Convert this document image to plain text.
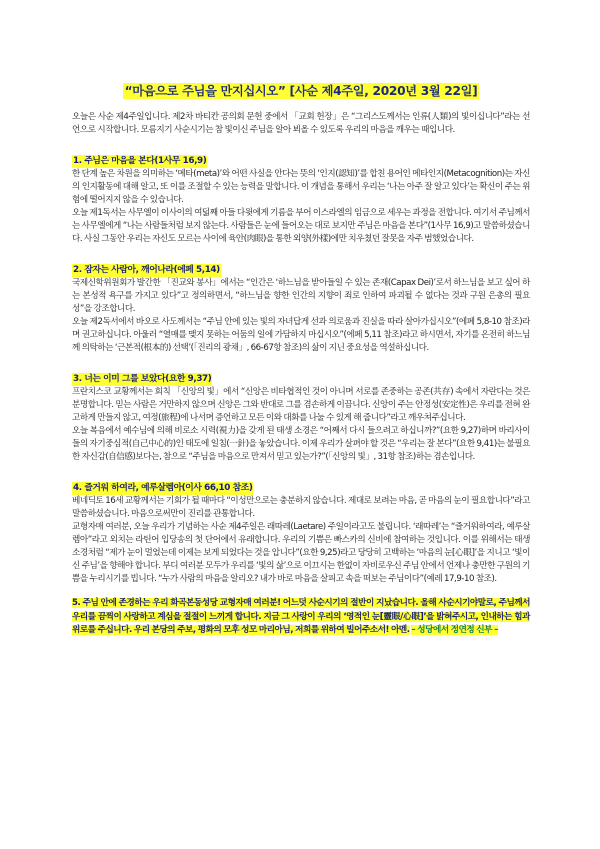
“마음으로 주님을 만지십시오” [사순 제4주일, 2020년 3월 22일]

오늘은 사순 제4주일입니다. 제2차 바티칸 공의회 문헌 중에서 「교회 헌장」은 “그리스도께서는 인류(人類)의 빛이십니다”라는 선언으로 시작합니다. 모름지기 사순시기는 참 빛이신 주님을 알아 뵈올 수 있도록 우리의 마음을 깨우는 때입니다.

1. 주님은 마음을 본다(1사무 16,9)

한 단계 높은 차원을 의미하는 ‘메타(meta)’와 어떤 사실을 안다는 뜻의 ‘인지(認知)’를 합친 용어인 메타인지(Metacognition)는 자신의 인지활동에 대해 알고, 또 이를 조절할 수 있는 능력을 말합니다. 이 개념을 통해서 우리는 ‘나는 아주 잘 알고 있다’는 확신이 주는 위험에 떨어지지 않을 수 있습니다.

오늘 제1독서는 사무엘이 이사이의 여덟째 아들 다윗에게 기름을 부어 이스라엘의 임금으로 세우는 과정을 전합니다. 여기서 주님께서는 사무엘에게 “나는 사람들처럼 보지 않는다. 사람들은 눈에 들어오는 대로 보지만 주님은 마음을 본다”(1사무 16,9)고 말씀하셨습니다. 사실 그동안 우리는 자신도 모르는 사이에 육안(肉眼)을 통한 외양(外樣)에만 치우쳤던 잘못을 자주 범했었습니다.

2. 잠자는 사람아, 깨어나라(에페 5,14)

국제신학위원회가 발간한 「진교와 봉사」에서는 “인간은 ‘하느님을 받아들일 수 있는 존재(Capax Dei)’로서 하느님을 보고 싶어 하는 본성적 욕구를 가지고 있다”고 정의하면서, “하느님을 향한 인간의 지향이 죄로 인하여 파괴될 수 없다는 것과 구원 은총의 필요성”을 강조합니다.

오늘 제2독서에서 바오로 사도께서는 “주님 안에 있는 빛의 자녀답게 선과 의로움과 진실을 따라 살아가십시오”(에페 5,8-10 참조)라며 권고하십니다. 아울러 “열매를 맺지 못하는 어둠의 일에 가담하지 마십시오”(에페 5,11 참조)라고 하시면서, 자기를 온전히 하느님께 의탁하는 ‘근본적(根本的) 선택’(「진리의 광채」, 66-67항 참조)의 삶이 지닌 중요성을 역설하십니다.

3. 너는 이미 그를 보았다(요한 9,37)

프란치스코 교황께서는 회칙 「신앙의 빛」에서 “신앙은 비타협적인 것이 아니며 서로를 존중하는 공존(共存) 속에서 자란다는 것은 분명합니다. 믿는 사람은 거만하지 않으며 신앙은 그와 반대로 그를 겸손하게 이끕니다. 신앙이 주는 안정성(安定性)은 우리를 전혀 완고하게 만들지 않고, 여정(旅程)에 나서며 증언하고 모든 이와 대화를 나눌 수 있게 해 줍니다”라고 깨우쳐주십니다.

오늘 복음에서 예수님에 의해 비로소 시력(視力)을 갖게 된 태생 소경은 “어째서 다시 들으려고 하십니까?”(요한 9,27)하며 바리사이들의 자기중심적(自己中心的)인 태도에 일침(一針)을 놓았습니다. 이제 우리가 살펴야 할 것은 “우리는 잘 본다”(요한 9,41)는 불필요한 자신감(自信感)보다는, 참으로 “주님을 마음으로 만져서 믿고 있는가?”(「신앙의 빛」, 31항 참조)하는 겸손입니다.

4. 즐거워 하여라, 예루살렘아(이사 66,10 참조)

베네딕토 16세 교황께서는 기회가 될 때마다 “이성만으로는 충분하지 않습니다. 제대로 보려는 마음, 곧 마음의 눈이 필요합니다”라고 말씀하셨습니다. 마음으로써만이 진리를 관통합니다.

교형자매 여러분, 오늘 우리가 기념하는 사순 제4주일은 래따레(Laetare) 주일이라고도 불립니다. ‘래따레’는 “즐거워하여라, 예루살렘아”라고 외치는 라틴어 입당송의 첫 단어에서 유래합니다. 우리의 기쁨은 빠스카의 신비에 참여하는 것입니다. 이를 위해서는 태생소경처럼 “제가 눈이 멀었는데 이제는 보게 되었다는 것을 압니다”(요한 9,25)라고 당당히 고백하는 ‘마음의 눈[心眼]’을 지니고 ‘빛이신 주님’을 향해야 합니다. 부디 여러분 모두가 우리를 ‘빛의 삶’으로 이끄시는 한없이 자비로우신 주님 안에서 언제나 충만한 구원의 기쁨을 누리시기를 빕니다. “누가 사람의 마음을 알리오? 내가 바로 마음을 살피고 속을 떠보는 주님이다”(예레 17,9-10 참조).

5. 주님 안에 존경하는 우리 화곡본동성당 교형자매 여러분! 어느덧 사순시기의 절반이 지났습니다. 올해 사순시기야말로, 주님께서 우리를 끔찍이 사랑하고 계심을 절절이 느끼게 합니다. 지금 그 사랑이 우리의 ‘영적인 눈[靈眼/心眼]’을 밝혀주시고, 인내하는 힘과 위로를 주십니다. 우리 본당의 주보, 평화의 모후 성모 마리아님, 저희를 위하여 빌어주소서! 아멘. – 성당에서 정연정 신부 –
